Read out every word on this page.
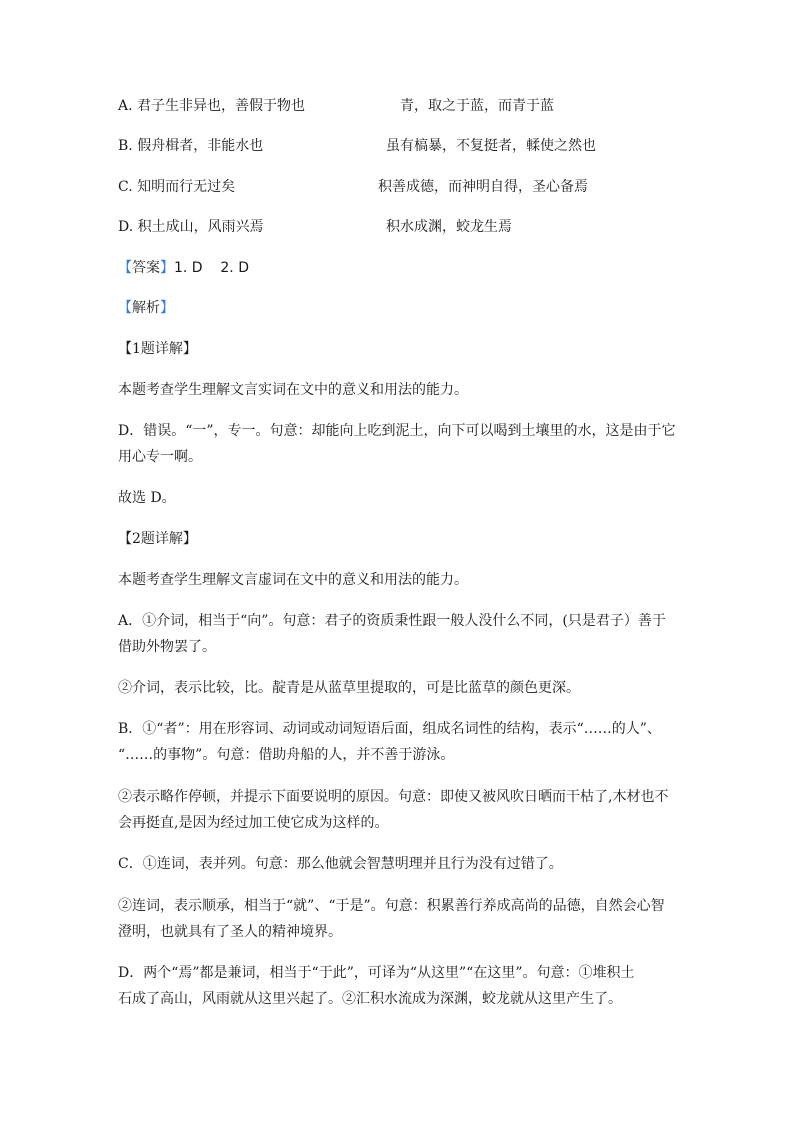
A. 君子生非异也，善假于物也	青，取之于蓝，而青于蓝
B. 假舟楫者，非能水也	虽有槁暴，不复挺者，輮使之然也
C. 知明而行无过矣	积善成德，而神明自得，圣心备焉
D. 积土成山，风雨兴焉	积水成渊，蛟龙生焉
【答案】1. D    2. D
【解析】
【1题详解】
本题考查学生理解文言实词在文中的意义和用法的能力。
D．错误。“一”，专一。句意：却能向上吃到泥土，向下可以喝到土壤里的水，这是由于它
用心专一啊。
故选 D。
【2题详解】
本题考查学生理解文言虚词在文中的意义和用法的能力。
A．①介词，相当于“向”。句意：君子的资质秉性跟一般人没什么不同，(只是君子）善于
借助外物罢了。
②介词，表示比较，比。靛青是从蓝草里提取的，可是比蓝草的颜色更深。
B．①“者”：用在形容词、动词或动词短语后面，组成名词性的结构，表示“……的人”、
“……的事物”。句意：借助舟船的人，并不善于游泳。
②表示略作停顿，并提示下面要说明的原因。句意：即使又被风吹日晒而干枯了,木材也不
会再挺直,是因为经过加工使它成为这样的。
C．①连词，表并列。句意：那么他就会智慧明理并且行为没有过错了。
②连词，表示顺承，相当于“就”、“于是”。句意：积累善行养成高尚的品德，自然会心智
澄明，也就具有了圣人的精神境界。
D．两个“焉”都是兼词，相当于“于此”，可译为“从这里”“在这里”。句意：①堆积土
石成了高山，风雨就从这里兴起了。②汇积水流成为深渊，蛟龙就从这里产生了。
